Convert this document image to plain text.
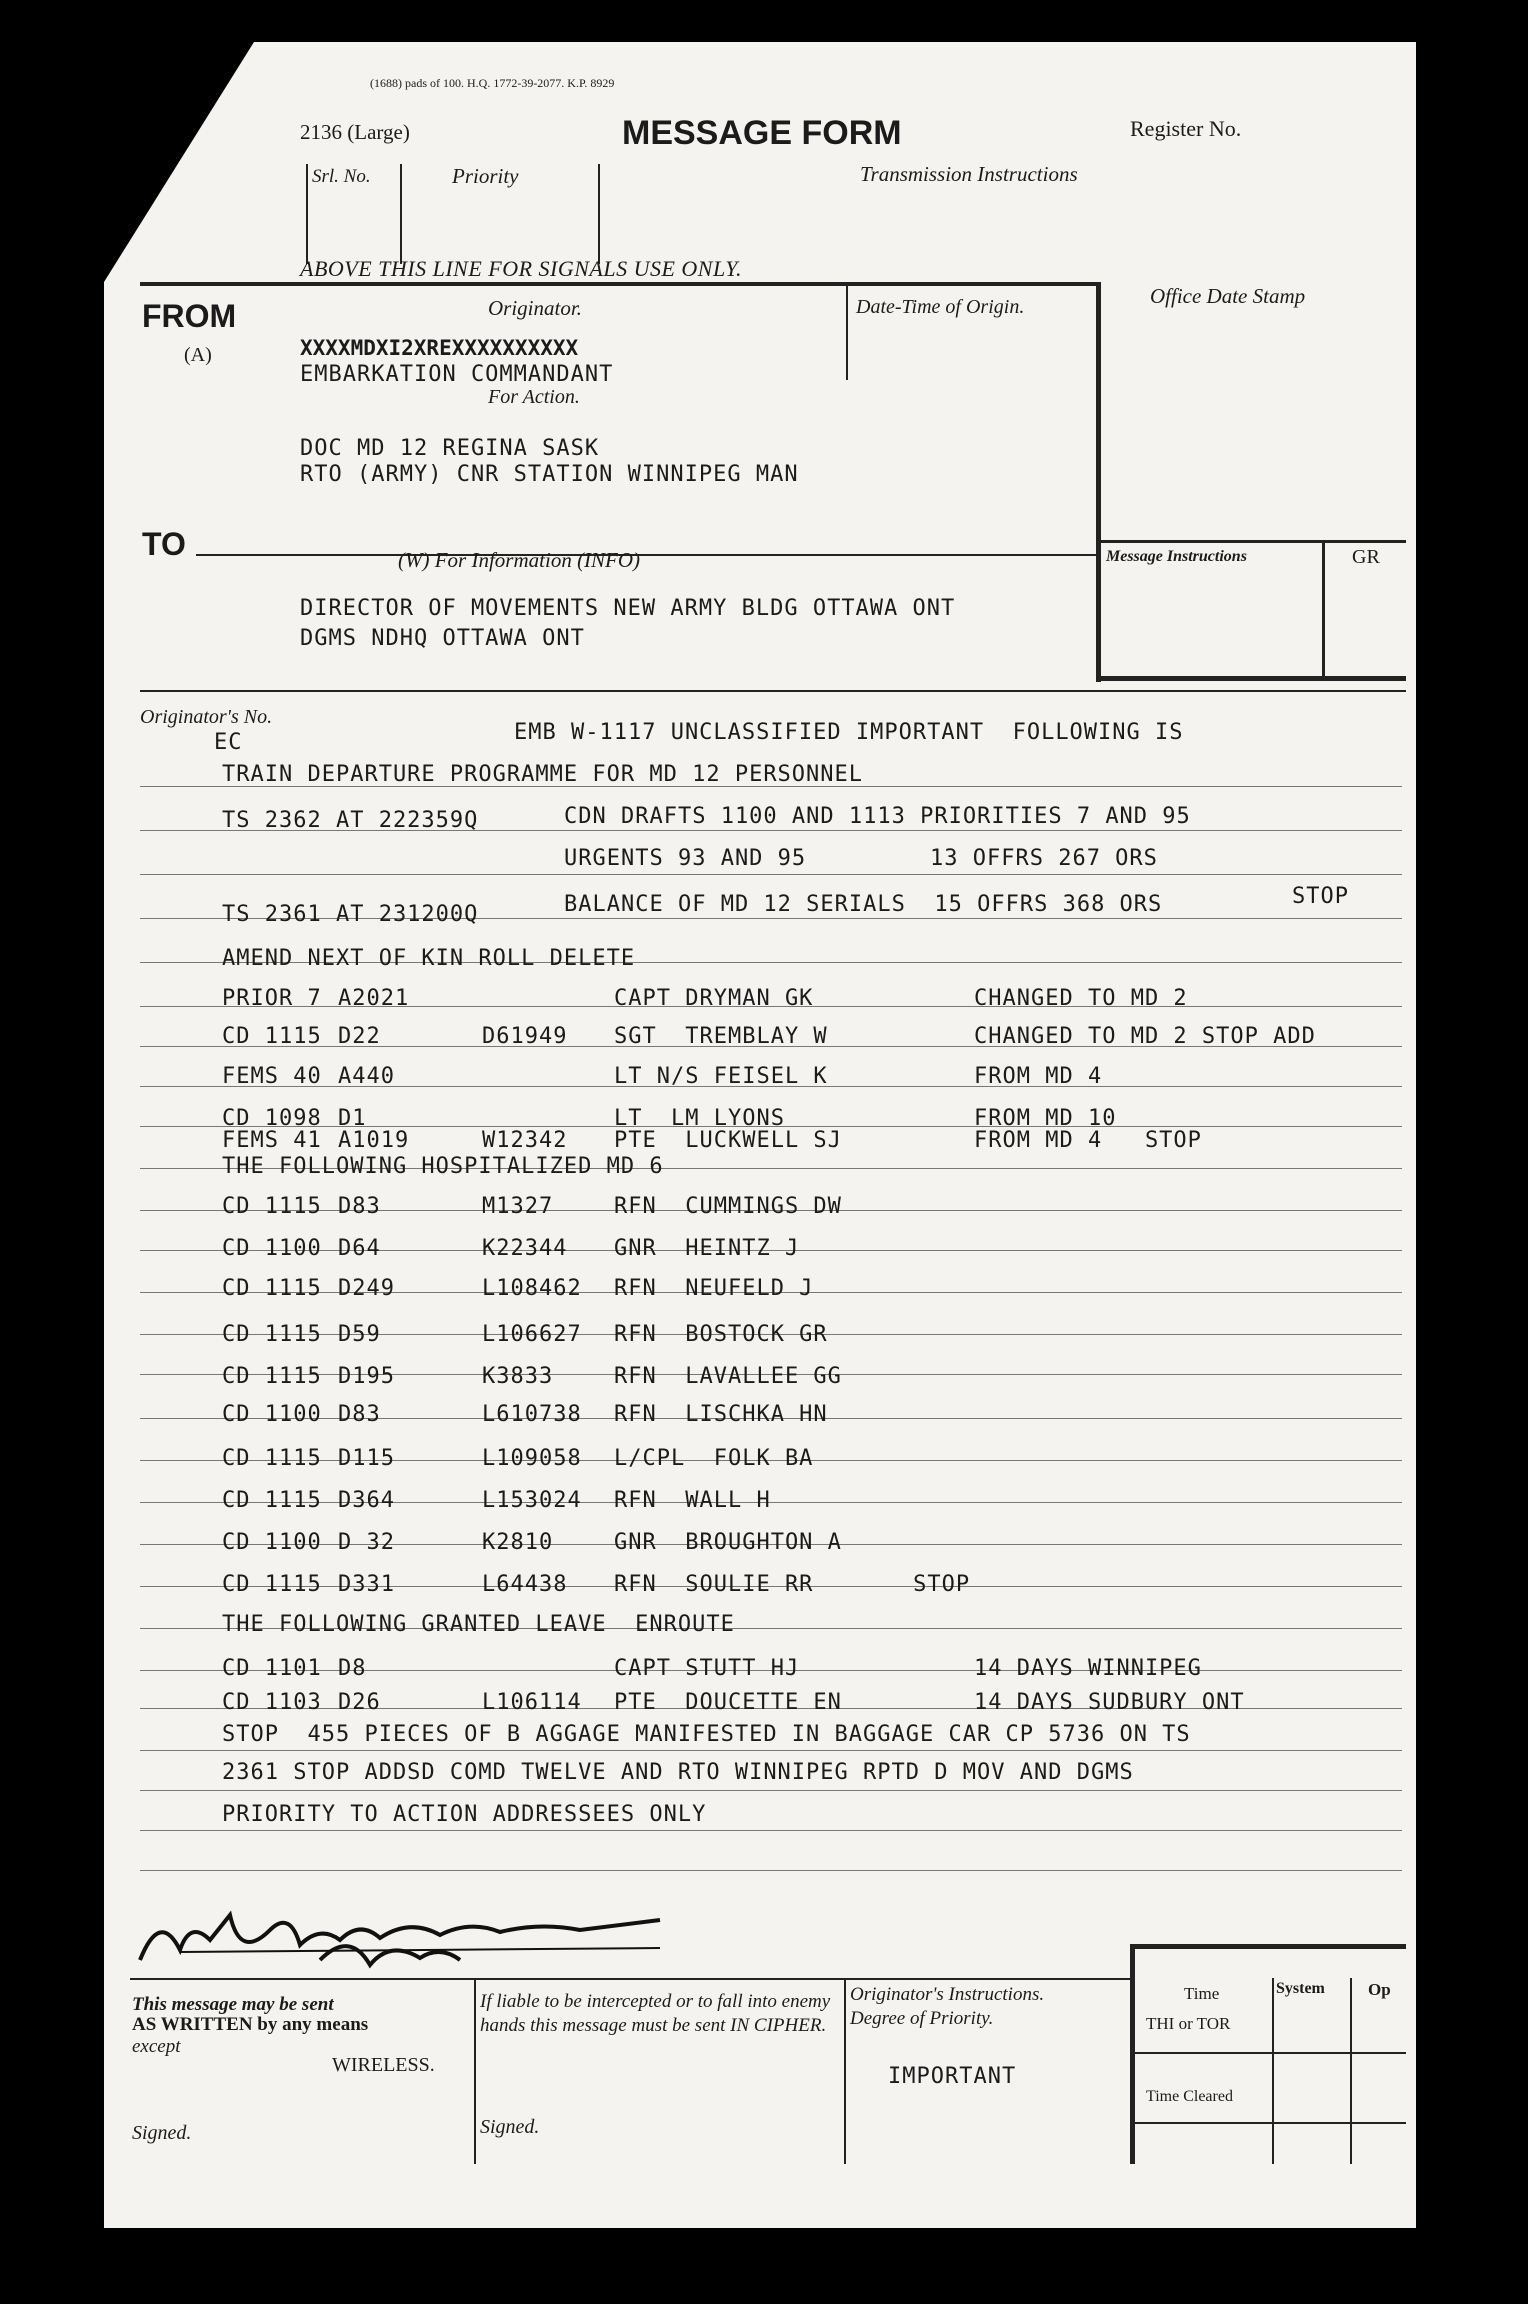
(1688) pads of 100. H.Q. 1772-39-2077. K.P. 8929
2136 (Large)	MESSAGE FORM	Register No.
Srl. No.	Priority	Transmission Instructions
ABOVE THIS LINE FOR SIGNALS USE ONLY.
FROM
(A)
Originator.	Date-Time of Origin.	Office Date Stamp
XXXXMDXI2XREXXXXXXXXXX
EMBARKATION COMMANDANT
For Action.
DOC MD 12 REGINA SASK
RTO (ARMY) CNR STATION WINNIPEG MAN
TO	(W) For Information (INFO)	Message Instructions	GR
DIRECTOR OF MOVEMENTS NEW ARMY BLDG OTTAWA ONT
DGMS NDHQ OTTAWA ONT
Originator's No.
EC	EMB W-1117 UNCLASSIFIED IMPORTANT  FOLLOWING IS
TRAIN DEPARTURE PROGRAMME FOR MD 12 PERSONNEL
TS 2362 AT 222359Q	CDN DRAFTS 1100 AND 1113 PRIORITIES 7 AND 95
URGENTS 93 AND 95	13 OFFRS 267 ORS
TS 2361 AT 231200Q	BALANCE OF MD 12 SERIALS  15 OFFRS 368 ORS	STOP
AMEND NEXT OF KIN ROLL DELETE
PRIOR 7 A2021	CAPT DRYMAN GK	CHANGED TO MD 2
CD 1115 D22	D61949 SGT  TREMBLAY W	CHANGED TO MD 2 STOP ADD
FEMS 40 A440	LT N/S FEISEL K	FROM MD 4
CD 1098 D1	LT  LM LYONS	FROM MD 10
FEMS 41 A1019	W12342 PTE  LUCKWELL SJ	FROM MD 4   STOP
THE FOLLOWING HOSPITALIZED MD 6
CD 1115 D83	M1327	RFN  CUMMINGS DW
CD 1100 D64	K22344 GNR  HEINTZ J
CD 1115 D249	L108462 RFN  NEUFELD J
CD 1115 D59	L106627 RFN  BOSTOCK GR
CD 1115 D195	K3833	RFN  LAVALLEE GG
CD 1100 D83	L610738 RFN  LISCHKA HN
CD 1115 D115	L109058 L/CPL  FOLK BA
CD 1115 D364	L153024 RFN  WALL H
CD 1100 D 32	K2810	GNR  BROUGHTON A
CD 1115 D331	L64438 RFN  SOULIE RR       STOP
THE FOLLOWING GRANTED LEAVE  ENROUTE
CD 1101 D8	CAPT STUTT HJ	14 DAYS WINNIPEG
CD 1103 D26	L106114 PTE  DOUCETTE EN	14 DAYS SUDBURY ONT
STOP  455 PIECES OF B AGGAGE MANIFESTED IN BAGGAGE CAR CP 5736 ON TS
2361 STOP ADDSD COMD TWELVE AND RTO WINNIPEG RPTD D MOV AND DGMS
PRIORITY TO ACTION ADDRESSEES ONLY
This message may be sent
AS WRITTEN by any means
except
WIRELESS.
Signed.
If liable to be intercepted or to fall into enemy hands this message must be sent IN CIPHER.
Signed.
Originator's Instructions.
Degree of Priority.
IMPORTANT
Time	System	Op
THI or TOR
Time Cleared
